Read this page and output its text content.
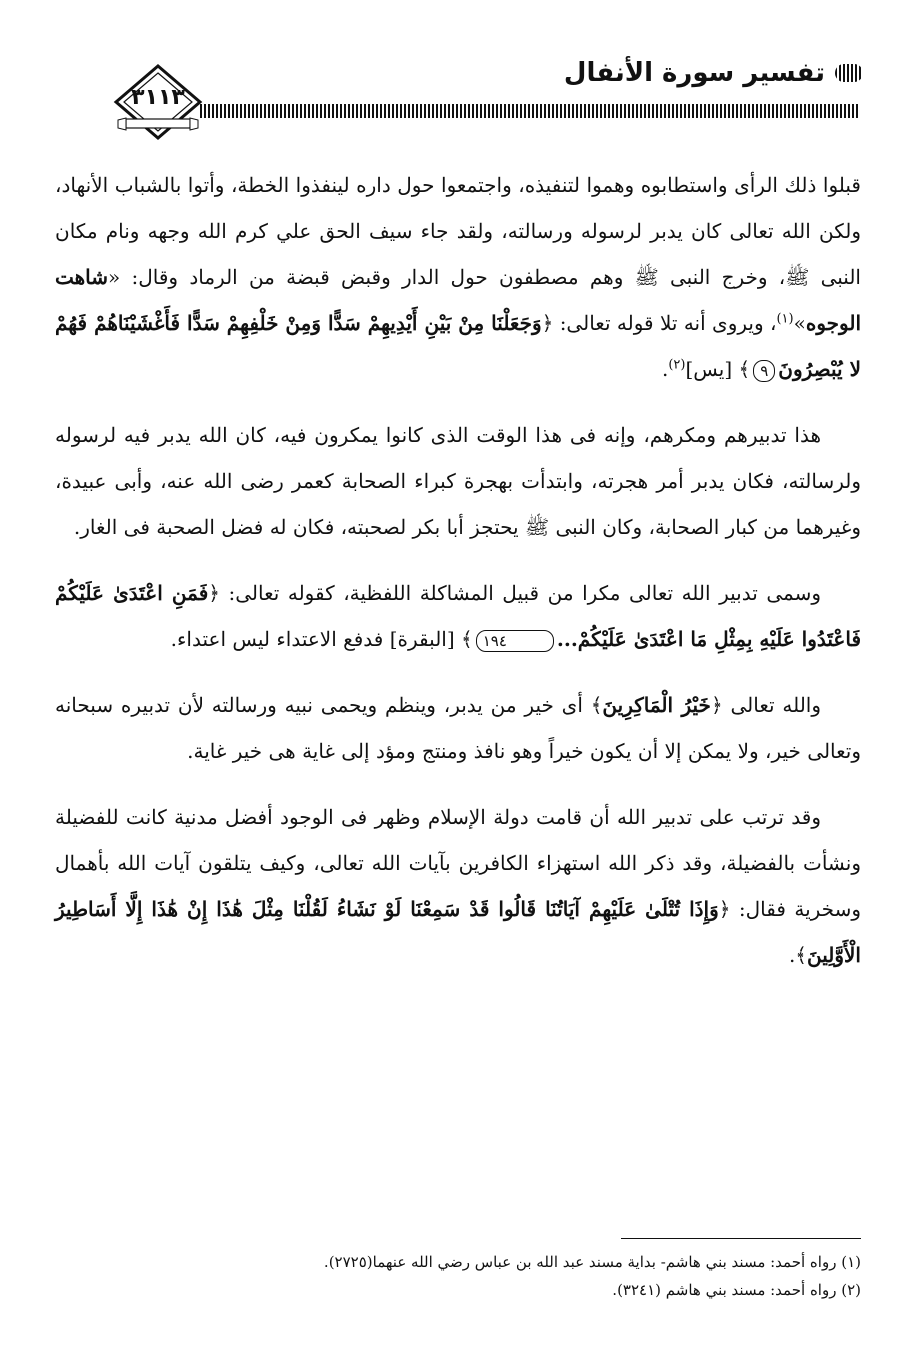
تفسير سورة الأنفال
٣١١٣

قبلوا ذلك الرأى واستطابوه وهموا لتنفيذه، واجتمعوا حول داره لينفذوا الخطة، وأتوا بالشباب الأنهاد، ولكن الله تعالى كان يدبر لرسوله ورسالته، ولقد جاء سيف الحق علي كرم الله وجهه ونام مكان النبى ﷺ، وخرج النبى ﷺ وهم مصطفون حول الدار وقبض قبضة من الرماد وقال: «شاهت الوجوه»$^{(١)}$، ويروى أنه تلا قوله تعالى: ﴿وَجَعَلْنَا مِنْ بَيْنِ أَيْدِيهِمْ سَدًّا وَمِنْ خَلْفِهِمْ سَدًّا فَأَغْشَيْنَاهُمْ فَهُمْ لا يُبْصِرُونَ٩﴾ [يس]$^{(٢)}$.

هذا تدبيرهم ومكرهم، وإنه فى هذا الوقت الذى كانوا يمكرون فيه، كان الله يدبر فيه لرسوله ولرسالته، فكان يدبر أمر هجرته، وابتدأت بهجرة كبراء الصحابة كعمر رضى الله عنه، وأبى عبيدة، وغيرهما من كبار الصحابة، وكان النبى ﷺ يحتجز أبا بكر لصحبته، فكان له فضل الصحبة فى الغار.

وسمى تدبير الله تعالى مكرا من قبيل المشاكلة اللفظية، كقوله تعالى: ﴿فَمَنِ اعْتَدَىٰ عَلَيْكُمْ فَاعْتَدُوا عَلَيْهِ بِمِثْلِ مَا اعْتَدَىٰ عَلَيْكُمْ...١٩٤﴾ [البقرة] فدفع الاعتداء ليس اعتداء.

والله تعالى ﴿خَيْرُ الْمَاكِرِينَ﴾ أى خير من يدبر، وينظم ويحمى نبيه ورسالته لأن تدبيره سبحانه وتعالى خير، ولا يمكن إلا أن يكون خيراً وهو نافذ ومنتج ومؤد إلى غاية هى خير غاية.

وقد ترتب على تدبير الله أن قامت دولة الإسلام وظهر فى الوجود أفضل مدنية كانت للفضيلة ونشأت بالفضيلة، وقد ذكر الله استهزاء الكافرين بآيات الله تعالى، وكيف يتلقون آيات الله بأهمال وسخرية فقال: ﴿وَإِذَا تُتْلَىٰ عَلَيْهِمْ آيَاتُنَا قَالُوا قَدْ سَمِعْنَا لَوْ نَشَاءُ لَقُلْنَا مِثْلَ هَٰذَا إِنْ هَٰذَا إِلَّا أَسَاطِيرُ الْأَوَّلِينَ﴾.

(١) رواه أحمد: مسند بني هاشم- بداية مسند عبد الله بن عباس رضي الله عنهما(٢٧٢٥).

(٢) رواه أحمد: مسند بني هاشم (٣٢٤١).
